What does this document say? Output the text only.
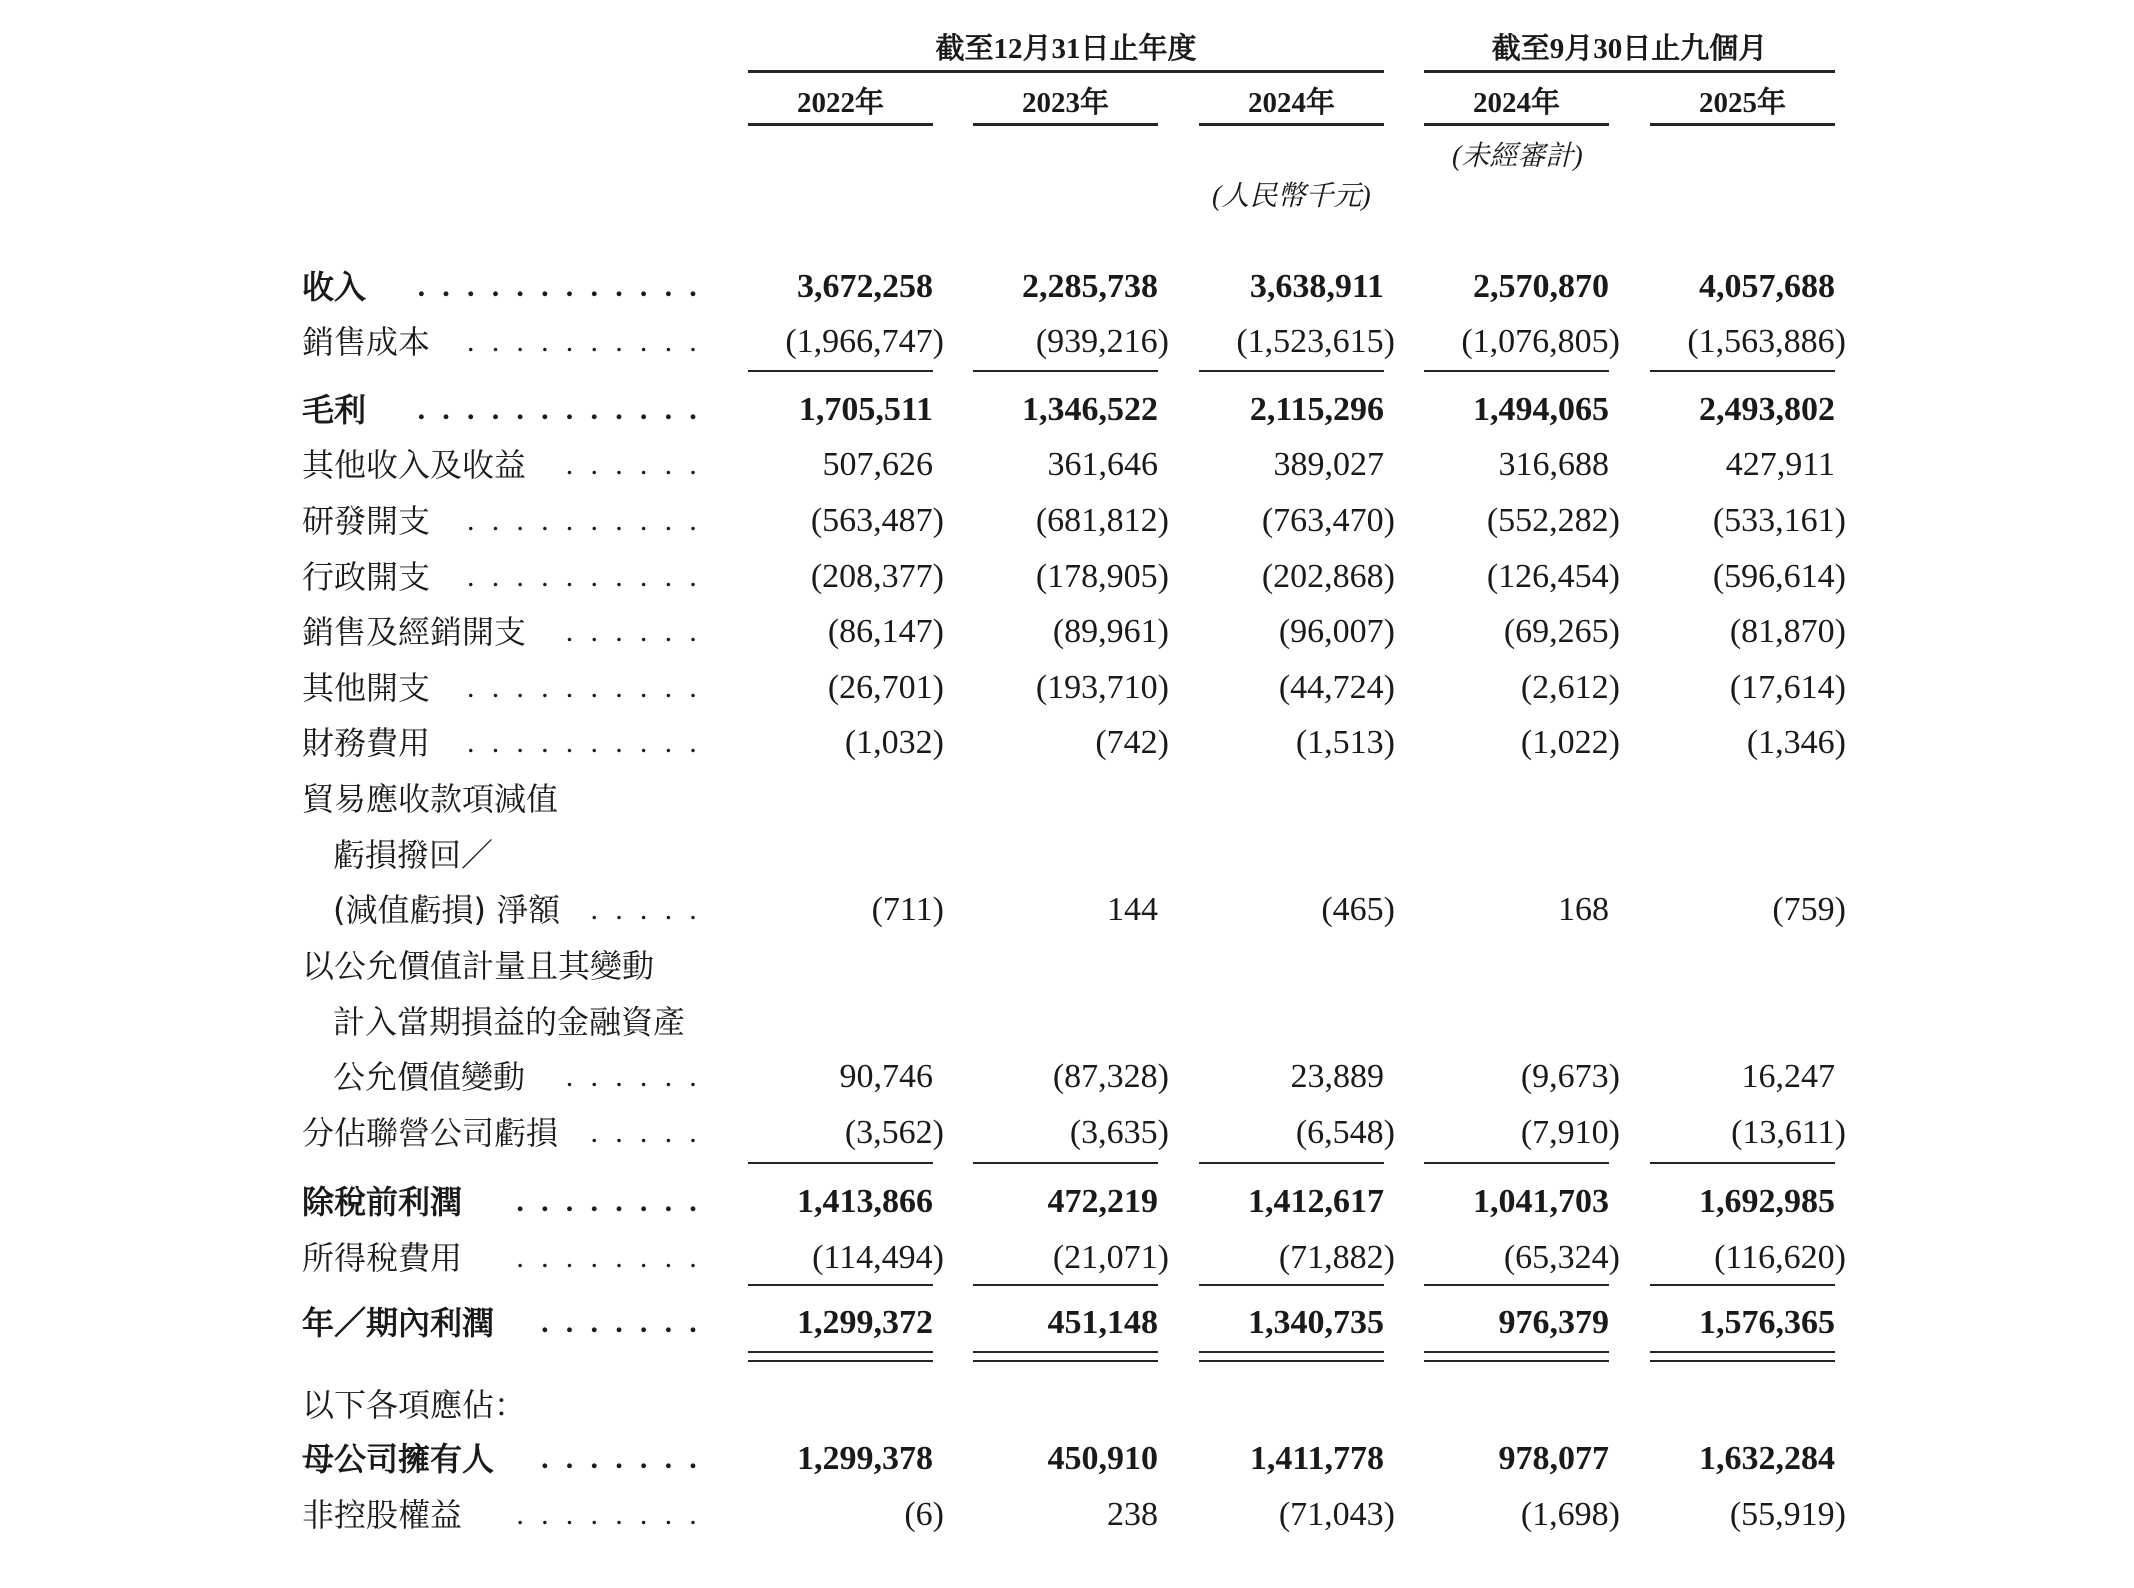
截至12月31日止年度	截至9月30日止九個月
2022年	2023年	2024年	2024年	2025年
(未經審計)
(人民幣千元)
收入 ............	3,672,258	2,285,738	3,638,911	2,570,870	4,057,688
銷售成本 ..........	(1,966,747)	(939,216)	(1,523,615)	(1,076,805)	(1,563,886)
毛利 ............	1,705,511	1,346,522	2,115,296	1,494,065	2,493,802
其他收入及收益 ......	507,626	361,646	389,027	316,688	427,911
研發開支 ..........	(563,487)	(681,812)	(763,470)	(552,282)	(533,161)
行政開支 ..........	(208,377)	(178,905)	(202,868)	(126,454)	(596,614)
銷售及經銷開支 ......	(86,147)	(89,961)	(96,007)	(69,265)	(81,870)
其他開支 ..........	(26,701)	(193,710)	(44,724)	(2,612)	(17,614)
財務費用 ..........	(1,032)	(742)	(1,513)	(1,022)	(1,346)
貿易應收款項減值
虧損撥回／
(減值虧損) 淨額 .....	(711)	144	(465)	168	(759)
以公允價值計量且其變動
計入當期損益的金融資產
公允價值變動 ......	90,746	(87,328)	23,889	(9,673)	16,247
分佔聯營公司虧損 .....	(3,562)	(3,635)	(6,548)	(7,910)	(13,611)
除稅前利潤 ........	1,413,866	472,219	1,412,617	1,041,703	1,692,985
所得稅費用 ........	(114,494)	(21,071)	(71,882)	(65,324)	(116,620)
年／期內利潤 .......	1,299,372	451,148	1,340,735	976,379	1,576,365
以下各項應佔：
母公司擁有人 .......	1,299,378	450,910	1,411,778	978,077	1,632,284
非控股權益 ........	(6)	238	(71,043)	(1,698)	(55,919)
